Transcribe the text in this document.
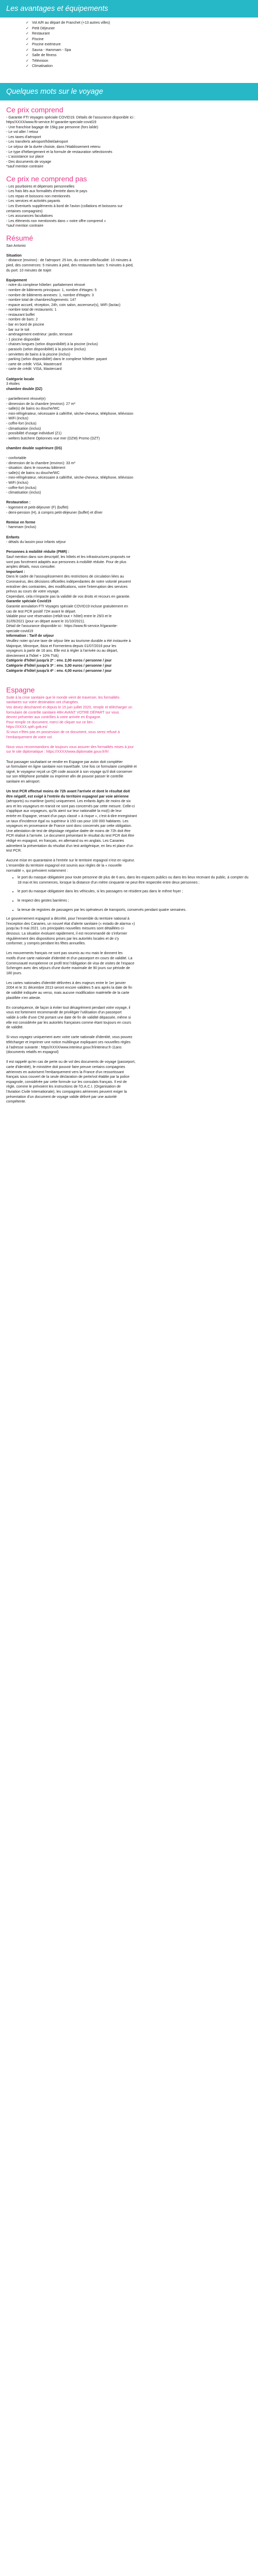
Les avantages et équipements
✓ Vol A/R au départ de Franchet (+13 autres villes)
✓ Petit Déjeuner
✓ Restaurant
✓ Piscine
✓ Piscine extérieure
✓ Sauna - Hammam - Spa
✓ Salle de fitness
✓ Télévision
✓ Climatisation
Quelques mots sur le voyage
Ce prix comprend

- Garantie FTI Voyages spéciale COVID19. Détails de l'assurance disponible ici :

https/XXXX/www.fti-service.fr/-garantie-speciale-covid19

- Une franchise bagage de 15kg par personne (fors laîde)

- Le vol aller / retour

- Les taxes d'aéroport

- Les transferts aéroport/hôtel/aéroport

- Le séjour de la durée choisie, dans l'établissement retenu

- Le type d'hébergement et la formule de restauration sélectionnés

- L'assistance sur place

- Des documents de voyage

*sauf mention contraire

Ce prix ne comprend pas

- Les pourboires et dépenses personnelles

- Les frais liés aux formalités d'entrée dans le pays

- Les repas et boissons non mentionnés

- Les services et activités payants

- Les Eventuels suppléments à bord de l'avion (collations et boissons sur

certaines compagnies)

- Les assurances facultatives

- Les éléments non mentionnés dans « notre offre comprend »

*sauf mention contraire

Résumé

San Antonio

Situation

- distance (environ) : de l'aéroport: 25 km, du centre-ville/localité: 10 minutes à

pied, des commerces: 5 minutes à pied, des restaurants bars: 5 minutes à pied,

du port: 10 minutes de trajet

Equipement

- notre du complexe hôtelier: parfaitement rénové

- nombre de bâtiments principaux: 1, nombre d'étages: 5

- nombre de bâtiments annexes: 1, nombre d'étages: 3

- nombre total de chambres/logements: 147

- espace accueil, réception, 24h, coin salon, ascenseur(s), WiFi (lactac)

- nombre total de restaurants: 1

- restaurant buffet

- nombre de bars: 2

- bar en bord de piscine

- bar sur le toit

- aménagement extérieur: jardin, terrasse

- 1 piscine disponible

- chaises longues (selon disponibilité) à la piscine (inclus)

- parasols (selon disponibilité) à la piscine (inclus)

- serviettes de bains à la piscine (inclus)

- parking (selon disponibilité) dans le complexe hôtelier: payant

- carte de crédit: VISA, Mastercard

- carte de crédit: VISA, Mastercard

Catégorie locale

3 étoiles

chambre double (DZ)

- partiellement rénové(e)

- dimension de la chambre (environ): 27 m²

- salle(s) de bains ou douche/WC

- mini-réfrigérateur, nécessaire à café/thé, sèche-cheveux, téléphone, télévision

- WiFi (inclus)

- coffre-fort (inclus)

- climatisation (inclus)

- possibilité d'usage individuel (Z1)

- welters butchere Optionnes vue mer (DZM) Promo (DZT)

chambre double supérieure (DS)

- confortable

- dimension de la chambre (environ): 33 m²

- situation: dans le nouveau bâtiment

- salle(s) de bains ou douche/WC

- mini-réfrigérateur, nécessaire à café/thé, sèche-cheveux, téléphone, télévision

- WiFi (inclus)

- coffre-fort (inclus)

- climatisation (inclus)

Restauration :

- logement et petit-déjeuner (F) (buffet)

- demi-pension (H), à compris petit-déjeuner (buffet) et dîner

Remise en forme

- hammam (inclus)

Enfants

- détails du lassim pour infants séjour

Personnes à mobilité réduite (PMR) :

Sauf mention dans son descriptif, les hôtels et les infrastructures proposés ne

sont pas forcément adaptés aux personnes à mobilité réduite. Pour de plus

amples détails, nous consulter.

Important :

Dans le cadre de l'assouplissement des restrictions de circulation liées au

Coronavirus, des décisions officielles indépendantes de notre volonté peuvent

entraîner des contraintes, des modifications, voire l'interruption des services

prévus au cours de votre voyage.

Cependant, cela n'impacte pas la validité de vos droits et recours en garantie.

Garantie spéciale Covid19

Garantie annulation FTI Voyages spéciale COVID19 incluse gratuitement en

cas de test PCR positif 72H avant le départ.

Valable pour une réservation (refaît tout + hôtel) entre le 29/3 et le

31/05/2021 (pour un départ avant le 31/10/2021).

Détail de l'assurance disponible ici : https://www.fti-service.fr/garantie-

speciale-covid19

Information : Tarif de séjour

Veuillez noter qu'une taxe de séjour liée au tourisme durable a été instaurée à

Majorque, Minorque, Ibiza et Formentera depuis 01/07/2016 pour les

voyageurs à partir de 16 ans. Elle est à régler à l'arrivée ou au départ,

directement à l'hôtel + 10% TVA)

Catégorie d'hôtel jusqu'à 2* : env. 2,00 euros / personne / jour

Catégorie d'hôtel jusqu'à 3* : env. 3,00 euros / personne / jour

Catégorie d'hôtel jusqu'à 4* : env. 4,00 euros / personne / jour

Espagne

Suite à la crise sanitaire que le monde vient de traverser, les formalités

sanitaires sur votre destination ont changées.

Vos devez deschanrel et depuis le 15 juin juillet 2020, remplir et télécharger un

formulaire de contrôle sanitaire 48H AVANT VOTRE DÉPART sur vous

devrez présenter aux contrôles à votre arrivée en Espagne.

Pour remplir ce document, merci de cliquer sur ce lien :

https://XXXX.spth.gob.es/

Si vous n'êtes pas en possession de ce document, vous serez refusé à

l'embarquement de votre vol.

Nous vous recommandons de toujours vous assurer des formalités mises à jour

sur le site diplomatique : https://XXXX/www.diplomatie.gouv.fr/fr/

Tout passager souhaitant se rendre en Espagne par avion doit compléter

un formulaire en ligne sanitaire non travelSafe. Une fois ce formulaire complété et

signé, le voyageur reçoit un QR code associé à son voyage qu'il doit conserver

sur son téléphone portable ou imprimer afin de pouvoir passer le contrôle

sanitaire en aéroport.

Un test PCR effectué moins de 72h avant l'arrivée et dont le résultat doit

être négatif, est exigé à l'entrée du territoire espagnol par voie aérienne

(aéroports) ou maritime (ports) uniquement. Les enfants âgés de moins de six

ans et les voyageurs en transit ne sont pas concernés par cette mesure. Celle-ci

s'applique aux voyageurs, qu'ils aient sur leur nationalité la mo(t) de leur

entrée en Espagne, venant d'un pays classé « à risque », c'est-à-dire enregistrant

un taux d'incidence égal ou supérieur à 150 cas pour 100 000 habitants. Les

voyageurs en provenance de France sont donc concernés par cette obligation.

Une attestation de test de dépistage négative datée de moins de 72h doit être

PCR réalisé à l'arrivée. Le document présentant le résultat du test PCR doit être

rédigé en espagnol, en français, en allemand ou en anglais. Les Canaries

admettent la présentation du résultat d'un test antigénique, en lieu et place d'un

test PCR.

Aucune mise en quarantaine à l'entrée sur le territoire espagnol n'est en vigueur.

L'ensemble du territoire espagnol est soumis aux règles de la « nouvelle

normalité », qui prévoient notamment :

• le port du masque obligatoire pour toute personne de plus de 6 ans, dans les espaces publics ou dans les lieux recevant du public, à compter du 18 mai et les commerces, lorsque la distance d'un mètre cinquante ne peut être respectée entre deux personnes ;
• le port du masque obligatoire dans les véhicules, si les passagers ne résident pas dans le même foyer ;
• le respect des gestes barrières ;
• la tenue de registres de passagers par les opérateurs de transports, conservés pendant quatre semaines.

Le gouvernement espagnol a décrété, pour l'ensemble du territoire national à

l'exception des Canaries, un nouvel état d'alerte sanitaire (« estado de alarma »)

jusqu'au 9 mai 2021. Les principales nouvelles mesures sont détaillées ci-

dessous. La situation évoluant rapidement, il est recommandé de s'informer

régulièrement des dispositions prises par les autorités locales et de s'y

conformer, y compris pendant les fêtes annuelles.

Les mouvements français ne sont pas soumis au mu mais le donnent les

motifs d'une carte nationale d'identité et d'un passeport en cours de validité. La

Communauté européenne ce profil test l'obligation de visa de visites de l'espace

Schengen avec des séjours d'une durée maximale de 90 jours sur période de

180 jours.

Les cartes nationales d'identité délivrées à des majeurs entre le 1er janvier

2004 et le 31 décembre 2013 seront encore validées 5 ans après la date de fin

de validité indiquée au verso, mais aucune modification matérielle de la carte

plastifiée n'en atteste.

En conséquence, de façon à éviter tout désagrément pendant votre voyage, il

vous est fortement recommandé de privilégier l'utilisation d'un passeport

valide à celle d'une CNI portant une date de fin de validité dépassée, même si

elle est considérée par les autorités françaises comme étant toujours en cours

de validité.

Si vous voyagez uniquement avec votre carte nationale d'identité, vous pouvez

télécharger et imprimer une notice multilingue expliquant ces nouvelles règles

à l'adresse suivante : https/XXXX/www.interieur.gouv.fr/interieur.fr-11ans

(documents relatifs en espagnol)

Il est rappelé qu'en cas de perte ou de vol des documents de voyage (passeport,

carte d'identité), le ministère doit pouvoir faire preuve certains compagnies

aériennes en autorisent l'embarquement vers la France d'un ressortissant

français sous couvert de la seule déclaration de perte/vol établie par la police

espagnole, considérée par cette formule sur les consulats français. Il est de

règle, comme le prévoient les instructions de l'O.A.C.I. (Organisation de

l'Aviation Civile Internationale), les compagnies aériennes peuvent exiger la

présentation d'un document de voyage valide délivré par une autorité

compétente.
